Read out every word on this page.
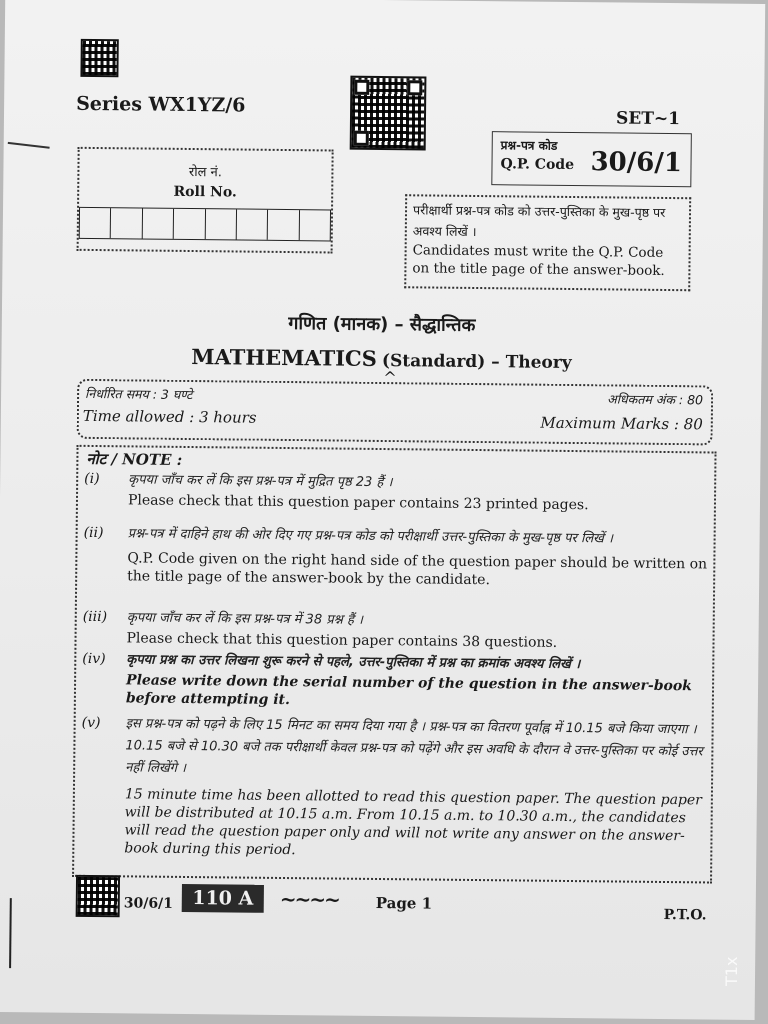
Series WX1YZ/6
SET~1
रोल नं.
Roll No.
प्रश्न-पत्र कोड
Q.P. Code 30/6/1
परीक्षार्थी प्रश्न-पत्र कोड को उत्तर-पुस्तिका के मुख-पृष्ठ पर अवश्य लिखें ।
Candidates must write the Q.P. Code on the title page of the answer-book.
गणित (मानक) – सैद्धान्तिक
MATHEMATICS (Standard) – Theory
^
निर्धारित समय : 3 घण्टे
Time allowed : 3 hours
अधिकतम अंक : 80
Maximum Marks : 80
नोट / NOTE :
(i) कृपया जाँच कर लें कि इस प्रश्न-पत्र में मुद्रित पृष्ठ 23 हैं ।
Please check that this question paper contains 23 printed pages.
(ii) प्रश्न-पत्र में दाहिने हाथ की ओर दिए गए प्रश्न-पत्र कोड को परीक्षार्थी उत्तर-पुस्तिका के मुख-पृष्ठ पर लिखें ।
Q.P. Code given on the right hand side of the question paper should be written on the title page of the answer-book by the candidate.
(iii) कृपया जाँच कर लें कि इस प्रश्न-पत्र में 38 प्रश्न हैं ।
Please check that this question paper contains 38 questions.
(iv) कृपया प्रश्न का उत्तर लिखना शुरू करने से पहले, उत्तर-पुस्तिका में प्रश्न का क्रमांक अवश्य लिखें ।
Please write down the serial number of the question in the answer-book before attempting it.
(v) इस प्रश्न-पत्र को पढ़ने के लिए 15 मिनट का समय दिया गया है । प्रश्न-पत्र का वितरण पूर्वाह्न में 10.15 बजे किया जाएगा । 10.15 बजे से 10.30 बजे तक परीक्षार्थी केवल प्रश्न-पत्र को पढ़ेंगे और इस अवधि के दौरान वे उत्तर-पुस्तिका पर कोई उत्तर नहीं लिखेंगे ।
15 minute time has been allotted to read this question paper. The question paper will be distributed at 10.15 a.m. From 10.15 a.m. to 10.30 a.m., the candidates will read the question paper only and will not write any answer on the answer-book during this period.
30/6/1	110 A	~~~~ Page 1
P.T.O.
T1x
